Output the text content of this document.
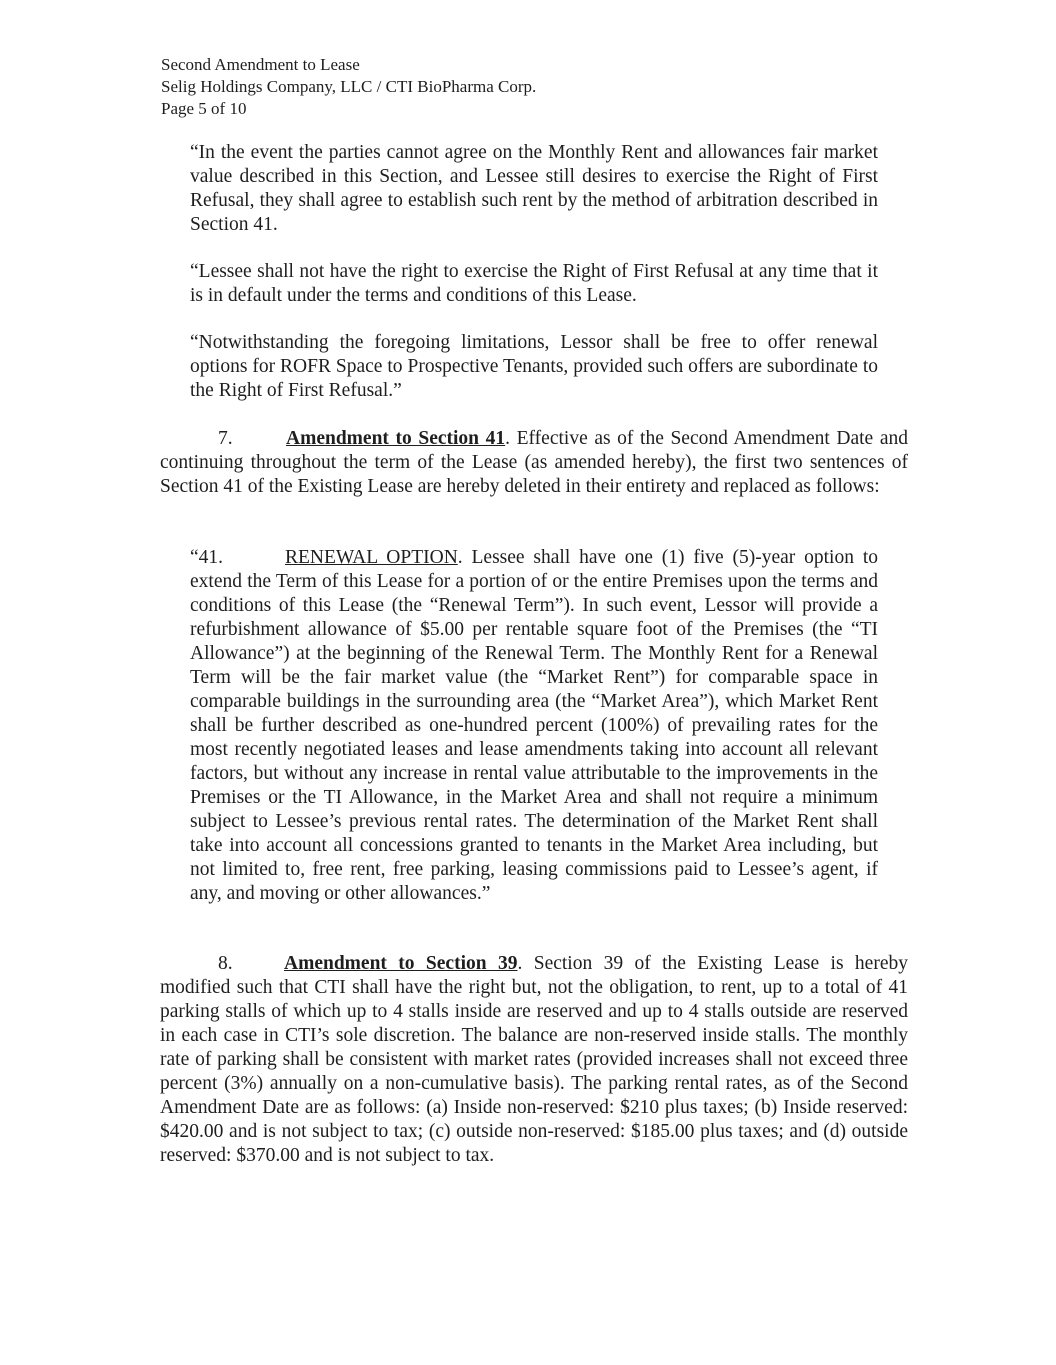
Second Amendment to Lease
Selig Holdings Company, LLC / CTI BioPharma Corp.
Page 5 of 10
“In the event the parties cannot agree on the Monthly Rent and allowances fair market value described in this Section, and Lessee still desires to exercise the Right of First Refusal, they shall agree to establish such rent by the method of arbitration described in Section 41.
“Lessee shall not have the right to exercise the Right of First Refusal at any time that it is in default under the terms and conditions of this Lease.
“Notwithstanding the foregoing limitations, Lessor shall be free to offer renewal options for ROFR Space to Prospective Tenants, provided such offers are subordinate to the Right of First Refusal.”
7.	Amendment to Section 41. Effective as of the Second Amendment Date and continuing throughout the term of the Lease (as amended hereby), the first two sentences of Section 41 of the Existing Lease are hereby deleted in their entirety and replaced as follows:
“41.	RENEWAL OPTION. Lessee shall have one (1) five (5)-year option to extend the Term of this Lease for a portion of or the entire Premises upon the terms and conditions of this Lease (the “Renewal Term”). In such event, Lessor will provide a refurbishment allowance of $5.00 per rentable square foot of the Premises (the “TI Allowance”) at the beginning of the Renewal Term. The Monthly Rent for a Renewal Term will be the fair market value (the “Market Rent”) for comparable space in comparable buildings in the surrounding area (the “Market Area”), which Market Rent shall be further described as one-hundred percent (100%) of prevailing rates for the most recently negotiated leases and lease amendments taking into account all relevant factors, but without any increase in rental value attributable to the improvements in the Premises or the TI Allowance, in the Market Area and shall not require a minimum subject to Lessee’s previous rental rates. The determination of the Market Rent shall take into account all concessions granted to tenants in the Market Area including, but not limited to, free rent, free parking, leasing commissions paid to Lessee’s agent, if any, and moving or other allowances.”
8.	Amendment to Section 39. Section 39 of the Existing Lease is hereby modified such that CTI shall have the right but, not the obligation, to rent, up to a total of 41 parking stalls of which up to 4 stalls inside are reserved and up to 4 stalls outside are reserved in each case in CTI’s sole discretion. The balance are non-reserved inside stalls. The monthly rate of parking shall be consistent with market rates (provided increases shall not exceed three percent (3%) annually on a non-cumulative basis). The parking rental rates, as of the Second Amendment Date are as follows: (a) Inside non-reserved: $210 plus taxes; (b) Inside reserved: $420.00 and is not subject to tax; (c) outside non-reserved: $185.00 plus taxes; and (d) outside reserved: $370.00 and is not subject to tax.
